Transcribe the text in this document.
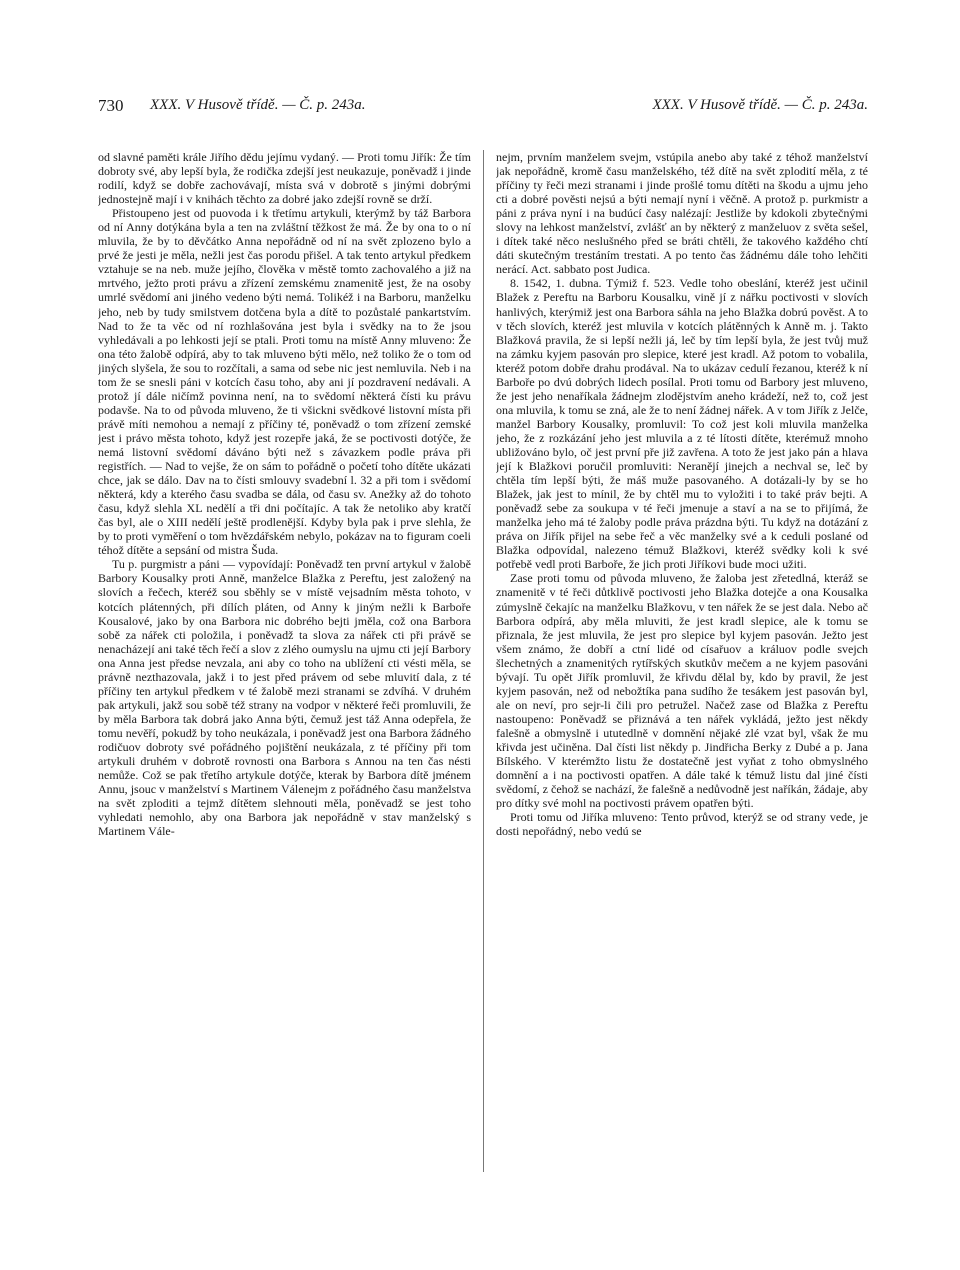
730 XXX. V Husově třídě. — Č. p. 243a.	XXX. V Husově třídě. — Č. p. 243a.

od slavné paměti krále Jiřího dědu jejímu vydaný. — Proti tomu Jiřík: Že tím dobroty své, aby lepší byla, že rodička zdejší jest neukazuje, poněvadž i jinde rodilí, když se dobře zachovávají, místa svá v dobrotě s jinými dobrými jednostejně mají i v knihách těchto za dobré jako zdejší rovně se drží.

Přistoupeno jest od puovoda i k třetímu artykuli, kterýmž by táž Barbora od ní Anny dotýkána byla a ten na zvláštní těžkost že má. Že by ona to o ní mluvila, že by to děvčátko Anna nepořádně od ní na svět zplozeno bylo a prvé že jesti je měla, nežli jest čas porodu přišel. A tak tento artykul předkem vztahuje se na neb. muže jejího, člověka v městě tomto zachovalého a již na mrtvého, ježto proti právu a zřízení zemskému znamenitě jest, že na osoby umrlé svědomí ani jiného vedeno býti nemá. Tolikéž i na Barboru, manželku jeho, neb by tudy smilstvem dotčena byla a dítě to pozůstalé pankartstvím. Nad to že ta věc od ní rozhlašována jest byla i svědky na to že jsou vyhledávali a po lehkosti její se ptali. Proti tomu na místě Anny mluveno: Že ona této žalobě odpírá, aby to tak mluveno býti mělo, než toliko že o tom od jiných slyšela, že sou to rozčítali, a sama od sebe nic jest nemluvila. Neb i na tom že se snesli páni v kotcích času toho, aby ani jí pozdravení nedávali. A protož jí dále ničímž povinna není, na to svědomí některá čísti ku právu podavše. Na to od původa mluveno, že ti všickni svědkové listovní místa při právě míti nemohou a nemají z příčiny té, poněvadž o tom zřízení zemské jest i právo města tohoto, když jest rozepře jaká, že se poctivosti dotýče, že nemá listovní svědomí dáváno býti než s závazkem podle práva při registřích. — Nad to vejše, že on sám to pořádně o početí toho dítěte ukázati chce, jak se dálo. Dav na to čísti smlouvy svadební l. 32 a při tom i svědomí některá, kdy a kterého času svadba se dála, od času sv. Anežky až do tohoto času, když slehla XL nedělí a tři dni počítajíc. A tak že netoliko aby kratčí čas byl, ale o XIII nedělí ještě prodlenější. Kdyby byla pak i prve slehla, že by to proti vyměření o tom hvězdářském nebylo, pokázav na to figuram coeli téhož dítěte a sepsání od mistra Šuda.

Tu p. purgmistr a páni — vypovídají: Poněvadž ten první artykul v žalobě Barbory Kousalky proti Anně, manželce Blažka z Pereftu, jest založený na slovích a řečech, kteréž sou sběhly se v místě vejsadním města tohoto, v kotcích plátenných, při dílích pláten, od Anny k jiným nežli k Barboře Kousalové, jako by ona Barbora nic dobrého bejti jměla, což ona Barbora sobě za nářek cti položila, i poněvadž ta slova za nářek cti při právě se nenacházejí ani také těch řečí a slov z zlého oumyslu na ujmu cti její Barbory ona Anna jest předse nevzala, ani aby co toho na ublížení cti vésti měla, se právně nezthazovala, jakž i to jest před právem od sebe mluvití dala, z té příčiny ten artykul předkem v té žalobě mezi stranami se zdvíhá. V druhém pak artykuli, jakž sou sobě též strany na vodpor v některé řeči promluvili, že by měla Barbora tak dobrá jako Anna býti, čemuž jest táž Anna odepřela, že tomu nevěří, pokudž by toho neukázala, i poněvadž jest ona Barbora žádného rodičuov dobroty své pořádného pojištění neukázala, z té příčiny při tom artykuli druhém v dobrotě rovnosti ona Barbora s Annou na ten čas nésti nemůže. Což se pak třetího artykule dotýče, kterak by Barbora dítě jménem Annu, jsouc v manželství s Martinem Válenejm z pořádného času manželstva na svět zploditi a tejmž dítětem slehnouti měla, poněvadž se jest toho vyhledati nemohlo, aby ona Barbora jak nepořádně v stav manželský s Martinem Vále-

nejm, prvním manželem svejm, vstúpila anebo aby také z téhož manželství jak nepořádně, kromě času manželského, též dítě na svět zplodití měla, z té příčiny ty řeči mezi stranami i jinde prošlé tomu dítěti na škodu a ujmu jeho cti a dobré pověsti nejsú a býti nemají nyní i věčně. A protož p. purkmistr a páni z práva nyní i na budúcí časy nalézají: Jestliže by kdokoli zbytečnými slovy na lehkost manželství, zvlášť an by některý z manželuov z světa sešel, i dítek také něco neslušného před se bráti chtěli, že takového každého chtí dáti skutečným trestáním trestati. A po tento čas žádnému dále toho lehčiti nerácí. Act. sabbato post Judica.

8. 1542, 1. dubna. Týmiž f. 523. Vedle toho obeslání, kteréž jest učinil Blažek z Pereftu na Barboru Kousalku, vině jí z nářku poctivosti v slovích hanlivých, kterýmiž jest ona Barbora sáhla na jeho Blažka dobrú pověst. A to v těch slovích, kteréž jest mluvila v kotcích plátěnných k Anně m. j. Takto Blažková pravila, že si lepší nežli já, leč by tím lepší byla, že jest tvůj muž na zámku kyjem pasován pro slepice, které jest kradl. Až potom to vobalila, kteréž potom dobře drahu prodával. Na to ukázav cedulí řezanou, kteréž k ní Barboře po dvú dobrých lidech posílal. Proti tomu od Barbory jest mluveno, že jest jeho nenaříkala žádnejm zlodějstvím aneho krádeží, než to, což jest ona mluvila, k tomu se zná, ale že to není žádnej nářek. A v tom Jiřík z Jelče, manžel Barbory Kousalky, promluvil: To což jest koli mluvila manželka jeho, že z rozkázání jeho jest mluvila a z té lítosti dítěte, kterémuž mnoho ubližováno bylo, oč jest první pře již zavřena. A toto že jest jako pán a hlava její k Blažkovi poručil promluviti: Neranějí jinejch a nechval se, leč by chtěla tím lepší býti, že máš muže pasovaného. A dotázali-ly by se ho Blažek, jak jest to mínil, že by chtěl mu to vyložiti i to také práv bejti. A poněvadž sebe za soukupa v té řeči jmenuje a staví a na se to přijímá, že manželka jeho má té žaloby podle práva prázdna býti. Tu když na dotázání z práva on Jiřík přijel na sebe řeč a věc manželky své a k ceduli poslané od Blažka odpovídal, nalezeno témuž Blažkovi, kteréž svědky koli k své potřebě vedl proti Barboře, že jich proti Jiříkovi bude moci užiti.

Zase proti tomu od původa mluveno, že žaloba jest zřetedlná, kteráž se znamenitě v té řeči důtklivě poctivosti jeho Blažka dotejče a ona Kousalka zúmyslně čekajíc na manželku Blažkovu, v ten nářek že se jest dala. Nebo ač Barbora odpírá, aby měla mluviti, že jest kradl slepice, ale k tomu se přiznala, že jest mluvila, že jest pro slepice byl kyjem pasován. Ježto jest všem známo, že dobří a ctní lidé od císařuov a králuov podle svejch šlechetných a znamenitých rytířských skutkův mečem a ne kyjem pasováni bývají. Tu opět Jiřík promluvil, že křivdu dělal by, kdo by pravil, že jest kyjem pasován, než od nebožtíka pana sudího že tesákem jest pasován byl, ale on neví, pro sejr-li čili pro petružel. Načež zase od Blažka z Pereftu nastoupeno: Poněvadž se přiznává a ten nářek vykládá, ježto jest někdy falešně a obmyslně i ututedlně v domnění nějaké zlé vzat byl, však že mu křivda jest učiněna. Dal čísti list někdy p. Jindřicha Berky z Dubé a p. Jana Bílského. V kterémžto listu že dostatečně jest vyňat z toho obmyslného domnění a i na poctivosti opatřen. A dále také k témuž listu dal jiné čísti svědomí, z čehož se nachází, že falešně a nedůvodně jest naříkán, žádaje, aby pro dítky své mohl na poctivosti právem opatřen býti.

Proti tomu od Jiříka mluveno: Tento průvod, kterýž se od strany vede, je dosti nepořádný, nebo vedú se
